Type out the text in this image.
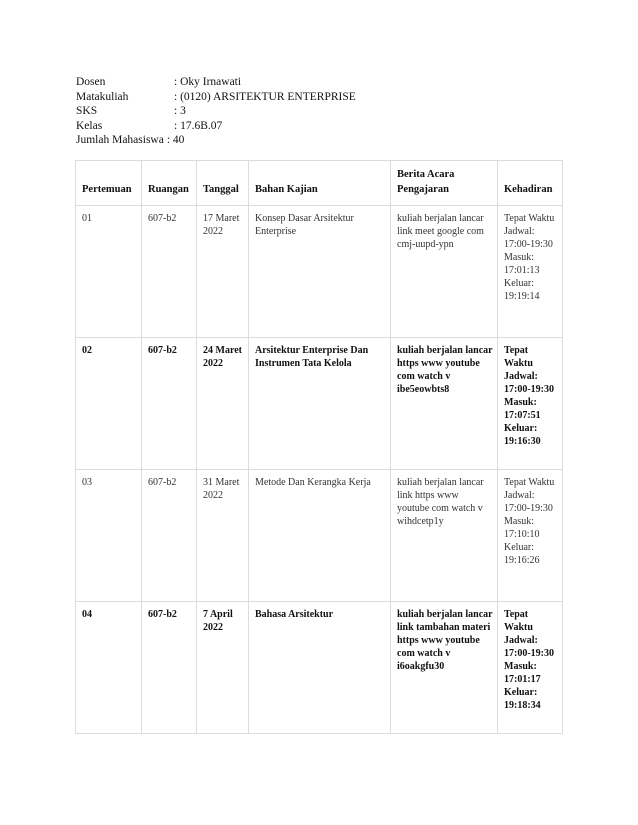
Dosen	: Oky Irnawati
Matakuliah	: (0120) ARSITEKTUR ENTERPRISE
SKS	: 3
Kelas	: 17.6B.07
Jumlah Mahasiswa : 40
Pertemuan	Ruangan	Tanggal	Bahan Kajian	Berita Acara Pengajaran	Kehadiran
01	607-b2	17 Maret 2022	Konsep Dasar Arsitektur Enterprise	kuliah berjalan lancar link meet google com cmj-uupd-ypn	Tepat Waktu Jadwal: 17:00-19:30 Masuk: 17:01:13 Keluar: 19:19:14
02	607-b2	24 Maret 2022	Arsitektur Enterprise Dan Instrumen Tata Kelola	kuliah berjalan lancar https www youtube com watch v ibe5eowbts8	Tepat Waktu Jadwal: 17:00-19:30 Masuk: 17:07:51 Keluar: 19:16:30
03	607-b2	31 Maret 2022	Metode Dan Kerangka Kerja	kuliah berjalan lancar link https www youtube com watch v wihdcetp1y	Tepat Waktu Jadwal: 17:00-19:30 Masuk: 17:10:10 Keluar: 19:16:26
04	607-b2	7 April 2022	Bahasa Arsitektur	kuliah berjalan lancar link tambahan materi https www youtube com watch v i6oakgfu30	Tepat Waktu Jadwal: 17:00-19:30 Masuk: 17:01:17 Keluar: 19:18:34
